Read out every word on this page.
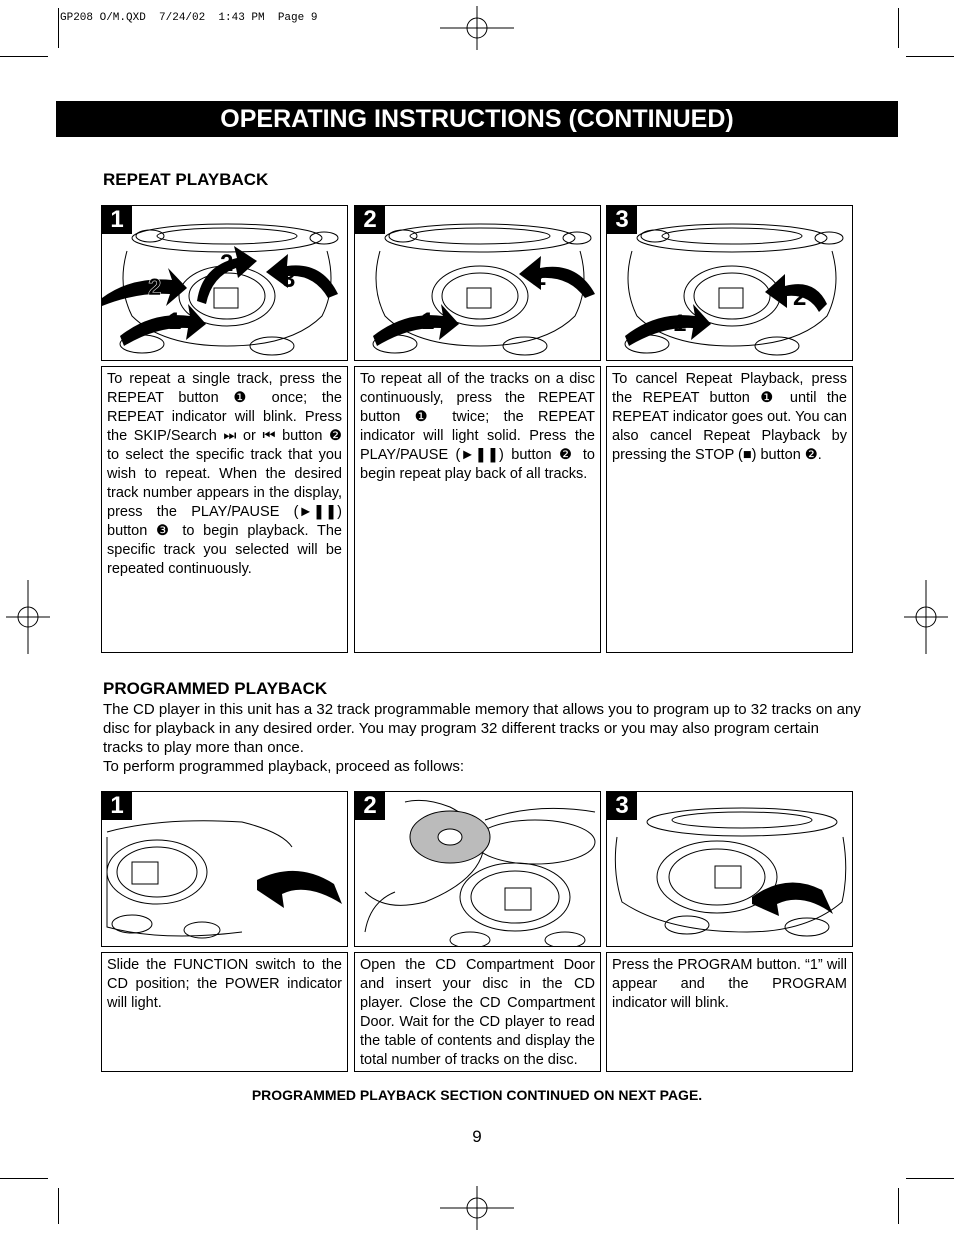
GP208 O/M.QXD  7/24/02  1:43 PM  Page 9
OPERATING INSTRUCTIONS (CONTINUED)
REPEAT PLAYBACK
1
2
2
3
1
2
2
1
3
2
1
To repeat a single track, press the REPEAT button ❶ once; the REPEAT indicator will blink. Press the SKIP/Search ⏭ or ⏮ button ❷ to select the specific track that you wish to repeat. When the desired track number appears in the display, press the PLAY/PAUSE (►❚❚) button ❸ to begin playback. The specific track you selected will be repeated continuously.
To repeat all of the tracks on a disc continuously, press the REPEAT button ❶ twice; the REPEAT indicator will light solid. Press the PLAY/PAUSE (►❚❚) button ❷ to begin repeat play back of all tracks.
To cancel Repeat Playback, press the REPEAT button ❶ until the REPEAT indicator goes out. You can also cancel Repeat Playback by pressing the STOP (■) button ❷.
PROGRAMMED PLAYBACK
The CD player in this unit has a 32 track programmable memory that allows you to program up to 32 tracks on any disc for playback in any desired order. You may program 32 different tracks or you may also program certain tracks to play more than once.
To perform programmed playback, proceed as follows:
1	2	3
Slide the FUNCTION switch to the CD position; the POWER indicator will light.
Open the CD Compartment Door and insert your disc in the CD player. Close the CD Compartment Door. Wait for the CD player to read the table of contents and display the total number of tracks on the disc.
Press the PROGRAM button. “1” will appear and the PROGRAM indicator will blink.
PROGRAMMED PLAYBACK SECTION CONTINUED ON NEXT PAGE.
9
